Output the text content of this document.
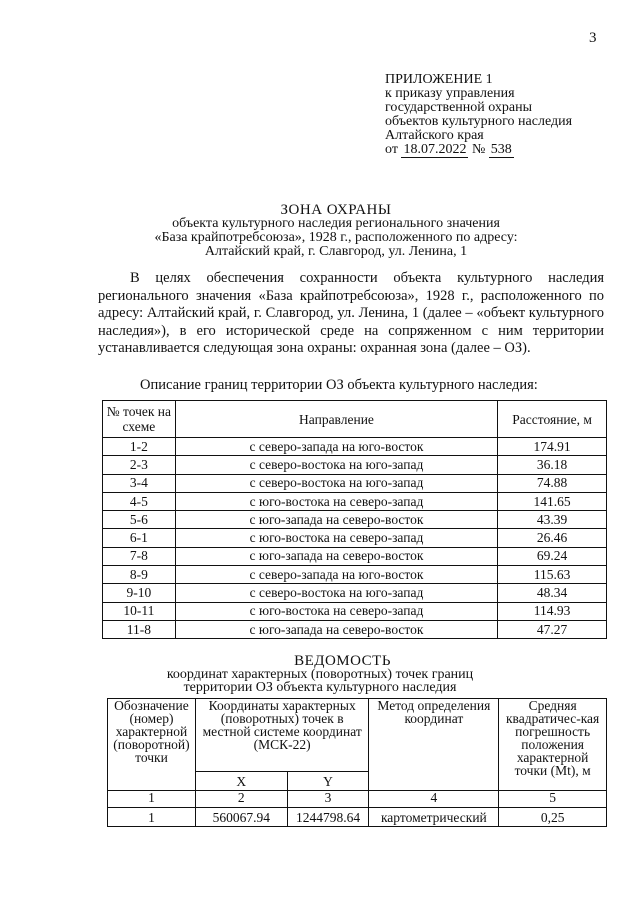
3
ПРИЛОЖЕНИЕ 1
к приказу управления
государственной охраны
объектов культурного наследия
Алтайского края
от 18.07.2022 № 538
ЗОНА ОХРАНЫ
объекта культурного наследия регионального значения
«База крайпотребсоюза», 1928 г., расположенного по адресу:
Алтайский край, г. Славгород, ул. Ленина, 1

В целях обеспечения сохранности объекта культурного наследия регионального значения «База крайпотребсоюза», 1928 г., расположенного по адресу: Алтайский край, г. Славгород, ул. Ленина, 1 (далее – «объект культурного наследия»), в его исторической среде на сопряженном с ним территории устанавливается следующая зона охраны: охранная зона (далее – ОЗ).

Описание границ территории ОЗ объекта культурного наследия:
№ точек на схеме	Направление	Расстояние, м
1-2	с северо-запада на юго-восток	174.91
2-3	с северо-востока на юго-запад	36.18
3-4	с северо-востока на юго-запад	74.88
4-5	с юго-востока на северо-запад	141.65
5-6	с юго-запада на северо-восток	43.39
6-1	с юго-востока на северо-запад	26.46
7-8	с юго-запада на северо-восток	69.24
8-9	с северо-запада на юго-восток	115.63
9-10	с северо-востока на юго-запад	48.34
10-11	с юго-востока на северо-запад	114.93
11-8	с юго-запада на северо-восток	47.27
ВЕДОМОСТЬ
координат характерных (поворотных) точек границ
территории ОЗ объекта культурного наследия
Обозначение (номер) характерной (поворотной) точки	Координаты характерных (поворотных) точек в местной системе координат (МСК-22)		Метод определения координат	Средняя квадратичес-кая погрешность положения характерной точки (Mt), м
	X	Y		
1	2	3	4	5
1	560067.94	1244798.64	картометрический	0,25
